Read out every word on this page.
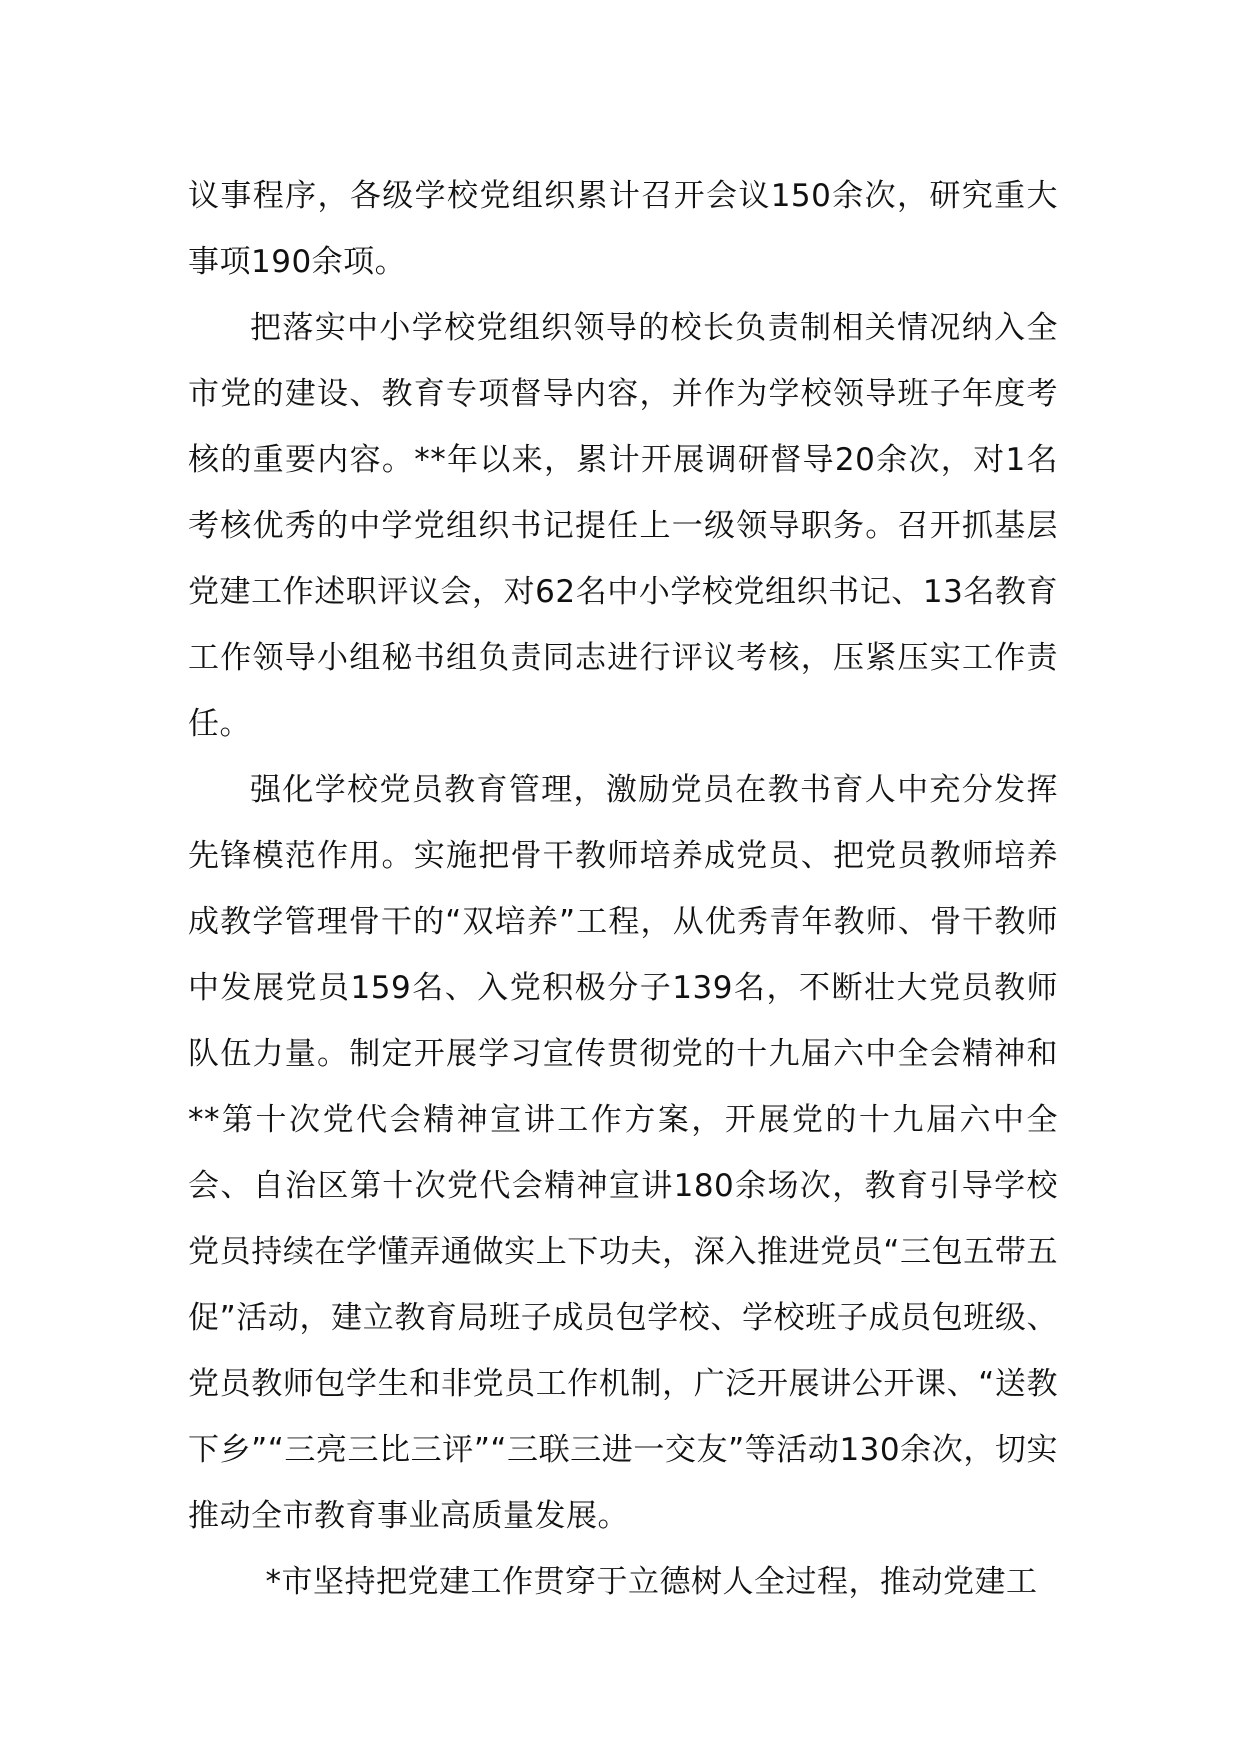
议事程序，各级学校党组织累计召开会议150余次，研究重大事项190余项。

把落实中小学校党组织领导的校长负责制相关情况纳入全市党的建设、教育专项督导内容，并作为学校领导班子年度考核的重要内容。**年以来，累计开展调研督导20余次，对1名考核优秀的中学党组织书记提任上一级领导职务。召开抓基层党建工作述职评议会，对62名中小学校党组织书记、13名教育工作领导小组秘书组负责同志进行评议考核，压紧压实工作责任。

强化学校党员教育管理，激励党员在教书育人中充分发挥先锋模范作用。实施把骨干教师培养成党员、把党员教师培养成教学管理骨干的“双培养”工程，从优秀青年教师、骨干教师中发展党员159名、入党积极分子139名，不断壮大党员教师队伍力量。制定开展学习宣传贯彻党的十九届六中全会精神和**第十次党代会精神宣讲工作方案，开展党的十九届六中全会、自治区第十次党代会精神宣讲180余场次，教育引导学校党员持续在学懂弄通做实上下功夫，深入推进党员“三包五带五促”活动，建立教育局班子成员包学校、学校班子成员包班级、党员教师包学生和非党员工作机制，广泛开展讲公开课、“送教下乡”“三亮三比三评”“三联三进一交友”等活动130余次，切实推动全市教育事业高质量发展。

*市坚持把党建工作贯穿于立德树人全过程，推动党建工
